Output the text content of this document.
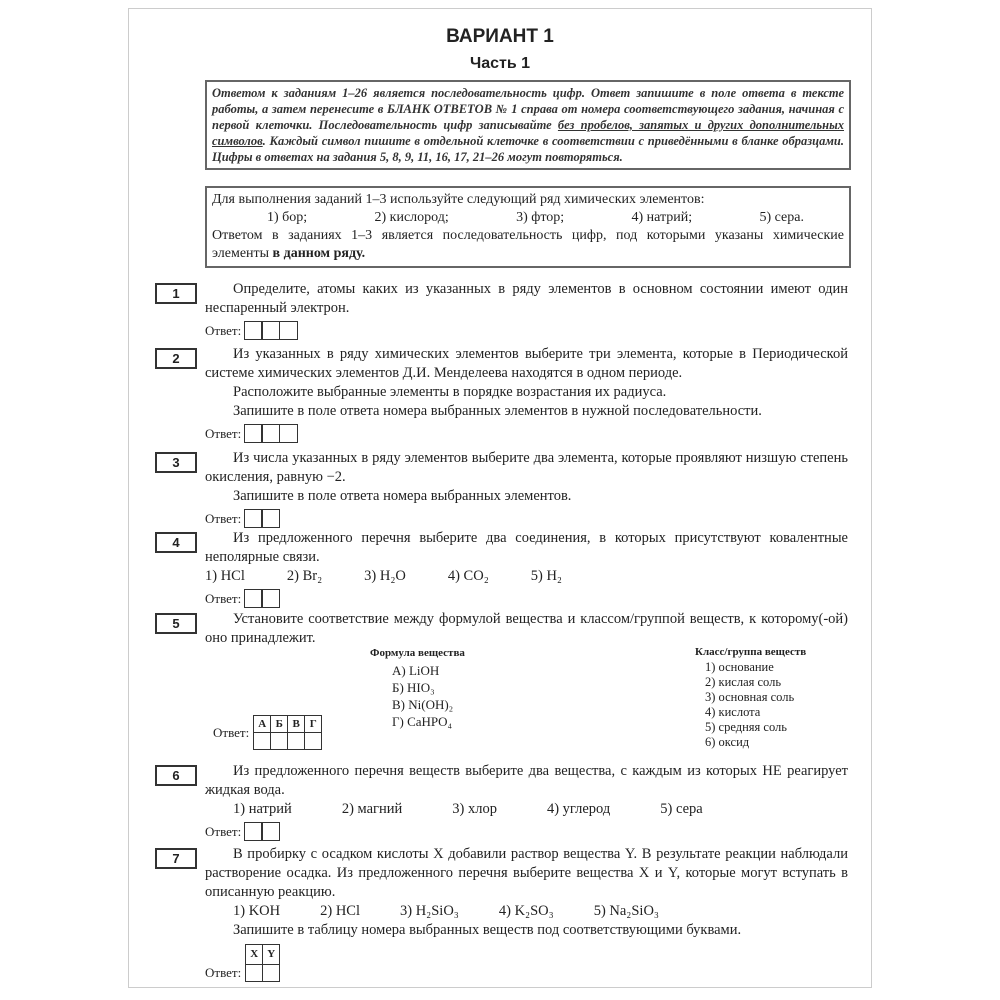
ВАРИАНТ 1
Часть 1
Ответом к заданиям 1–26 является последовательность цифр. Ответ запишите в поле ответа в тексте работы, а затем перенесите в БЛАНК ОТВЕТОВ № 1 справа от номера соответствующего задания, начиная с первой клеточки. Последовательность цифр записывайте без пробелов, запятых и других дополнительных символов. Каждый символ пишите в отдельной клеточке в соответствии с приведёнными в бланке образцами. Цифры в ответах на задания 5, 8, 9, 11, 16, 17, 21–26 могут повторяться.
Для выполнения заданий 1–3 используйте следующий ряд химических элементов:
1) бор;	2) кислород;	3) фтор;	4) натрий;	5) сера.
Ответом в заданиях 1–3 является последовательность цифр, под которыми указаны химические элементы в данном ряду.
1	Определите, атомы каких из указанных в ряду элементов в основном состоянии имеют один неспаренный электрон.

Ответ:
2	Из указанных в ряду химических элементов выберите три элемента, которые в Периодической системе химических элементов Д.И. Менделеева находятся в одном периоде.

Расположите выбранные элементы в порядке возрастания их радиуса.

Запишите в поле ответа номера выбранных элементов в нужной последовательности.

Ответ:
3	Из числа указанных в ряду элементов выберите два элемента, которые проявляют низшую степень окисления, равную −2.

Запишите в поле ответа номера выбранных элементов.

Ответ:
4	Из предложенного перечня выберите два соединения, в которых присутствуют ковалентные неполярные связи.

1) HCl	2) Br₂	3) H₂O	4) CO₂	5) H₂
Ответ:
5	Установите соответствие между формулой вещества и классом/группой веществ, к которому(-ой) оно принадлежит.

Формула вещества
А) LiOH
Б) HIO₃
В) Ni(OH)₂
Г) CaHPO₄
Класс/группа веществ
1) основание
2) кислая соль
3) основная соль
4) кислота
5) средняя соль
6) оксид
Ответ:
А	Б	В	Г

6	Из предложенного перечня веществ выберите два вещества, с каждым из которых НЕ реагирует жидкая вода.

1) натрий	2) магний	3) хлор	4) углерод	5) сера
Ответ:
7	В пробирку с осадком кислоты X добавили раствор вещества Y. В результате реакции наблюдали растворение осадка. Из предложенного перечня выберите вещества X и Y, которые могут вступать в описанную реакцию.

1) KOH	2) HCl	3) H₂SiO₃	4) K₂SO₃	5) Na₂SiO₃

Запишите в таблицу номера выбранных веществ под соответствующими буквами.

Ответ:
X	Y
